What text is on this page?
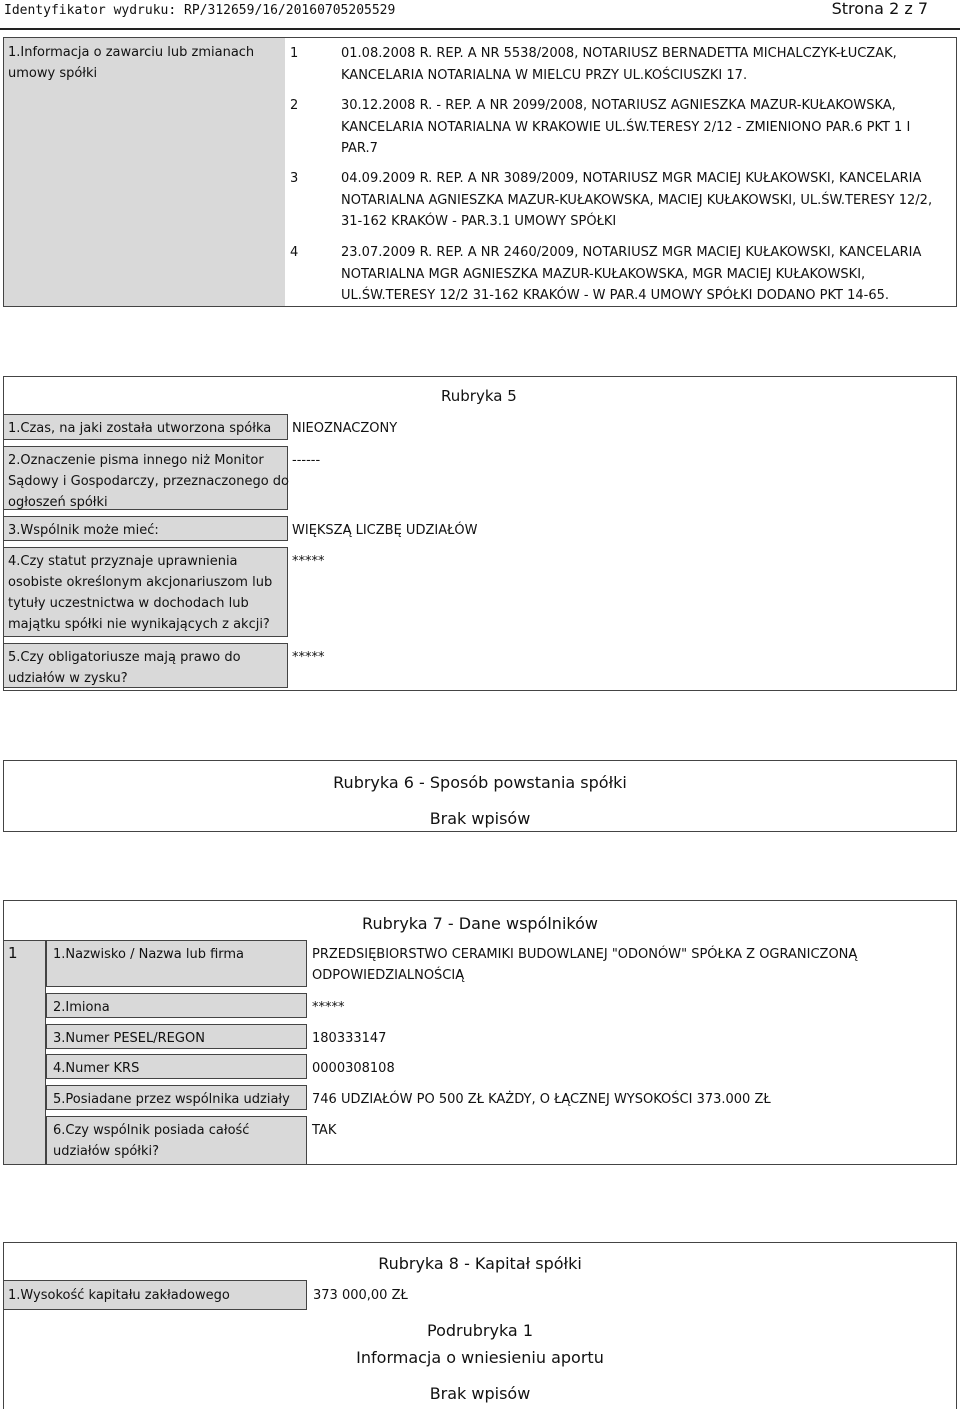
Identyfikator wydruku: RP/312659/16/20160705205529	Strona 2 z 7
1.Informacja o zawarciu lub zmianach umowy spółki
1	01.08.2008 R. REP. A NR 5538/2008, NOTARIUSZ BERNADETTA MICHALCZYK-ŁUCZAK,
KANCELARIA NOTARIALNA W MIELCU PRZY UL.KOŚCIUSZKI 17.
2	30.12.2008 R. - REP. A NR 2099/2008, NOTARIUSZ AGNIESZKA MAZUR-KUŁAKOWSKA,
KANCELARIA NOTARIALNA W KRAKOWIE UL.ŚW.TERESY 2/12 - ZMIENIONO PAR.6 PKT 1 I
PAR.7
3	04.09.2009 R. REP. A NR 3089/2009, NOTARIUSZ MGR MACIEJ KUŁAKOWSKI, KANCELARIA
NOTARIALNA AGNIESZKA MAZUR-KUŁAKOWSKA, MACIEJ KUŁAKOWSKI, UL.ŚW.TERESY 12/2,
31-162 KRAKÓW - PAR.3.1 UMOWY SPÓŁKI
4	23.07.2009 R. REP. A NR 2460/2009, NOTARIUSZ MGR MACIEJ KUŁAKOWSKI, KANCELARIA
NOTARIALNA MGR AGNIESZKA MAZUR-KUŁAKOWSKA, MGR MACIEJ KUŁAKOWSKI,
UL.ŚW.TERESY 12/2 31-162 KRAKÓW - W PAR.4 UMOWY SPÓŁKI DODANO PKT 14-65.
Rubryka 5
1.Czas, na jaki została utworzona spółka NIEOZNACZONY
2.Oznaczenie pisma innego niż Monitor
Sądowy i Gospodarczy, przeznaczonego do
ogłoszeń spółki
------
3.Wspólnik może mieć:	WIĘKSZĄ LICZBĘ UDZIAŁÓW
4.Czy statut przyznaje uprawnienia
osobiste określonym akcjonariuszom lub
tytuły uczestnictwa w dochodach lub
majątku spółki nie wynikających z akcji?
*****
5.Czy obligatoriusze mają prawo do
udziałów w zysku?
*****
Rubryka 6 - Sposób powstania spółki
Brak wpisów
Rubryka 7 - Dane wspólników
1	1.Nazwisko / Nazwa lub firma	PRZEDSIĘBIORSTWO CERAMIKI BUDOWLANEJ "ODONÓW" SPÓŁKA Z OGRANICZONĄ
ODPOWIEDZIALNOŚCIĄ
2.Imiona	*****
3.Numer PESEL/REGON	180333147
4.Numer KRS	0000308108
5.Posiadane przez wspólnika udziały 746 UDZIAŁÓW PO 500 ZŁ KAŻDY, O ŁĄCZNEJ WYSOKOŚCI 373.000 ZŁ
6.Czy wspólnik posiada całość
udziałów spółki?
TAK
Rubryka 8 - Kapitał spółki
1.Wysokość kapitału zakładowego	373 000,00 ZŁ
Podrubryka 1
Informacja o wniesieniu aportu
Brak wpisów
